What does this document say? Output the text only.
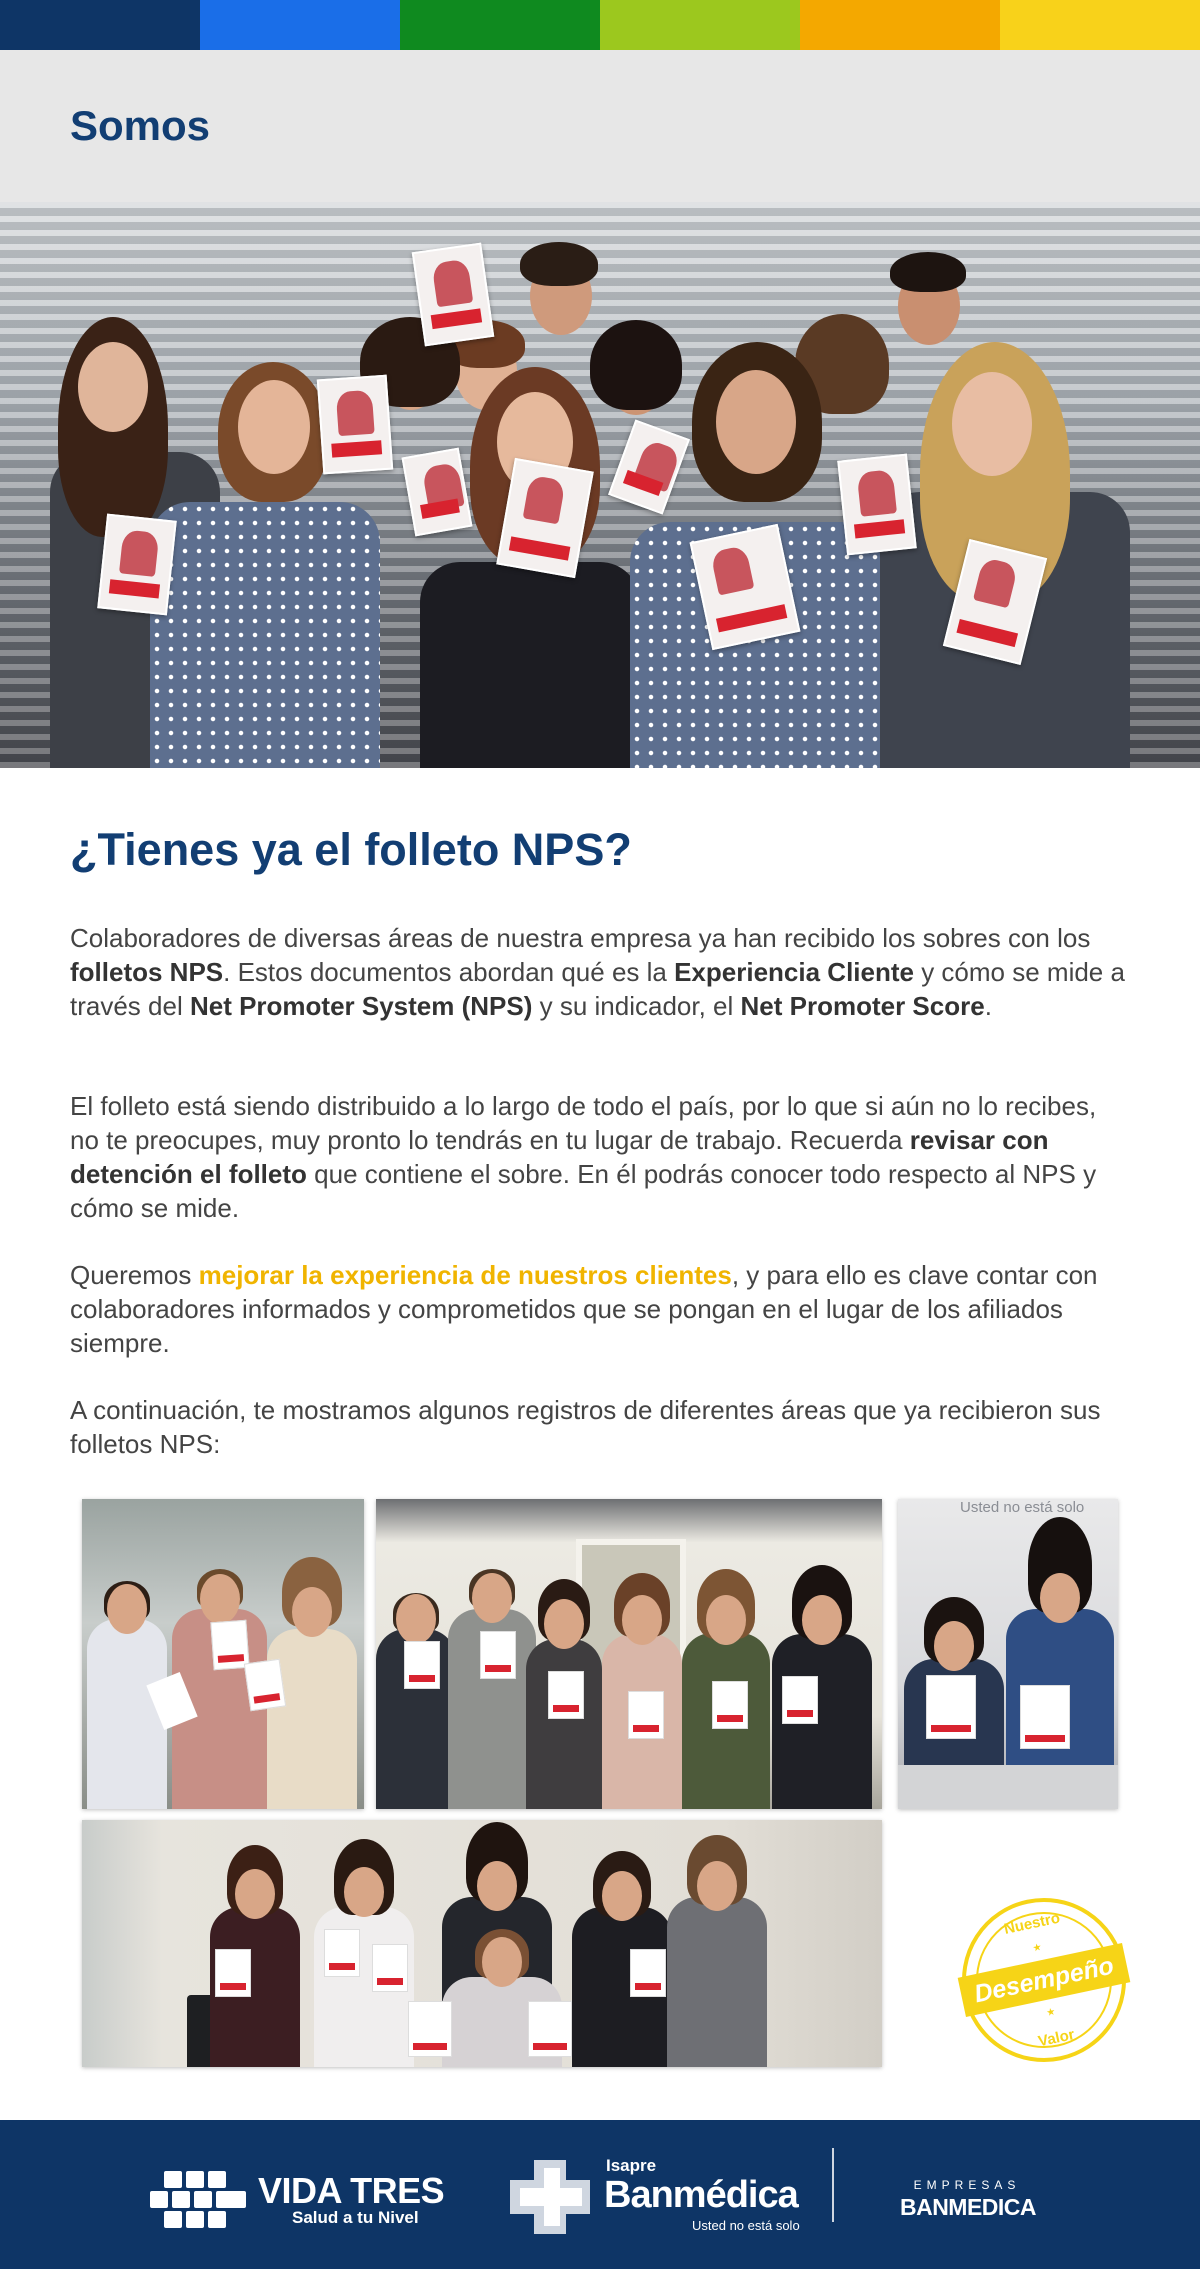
Somos
¿Tienes ya el folleto NPS?

Colaboradores de diversas áreas de nuestra empresa ya han recibido los sobres con los folletos NPS. Estos documentos abordan qué es la Experiencia Cliente y cómo se mide a través del Net Promoter System (NPS) y su indicador, el Net Promoter Score.

El folleto está siendo distribuido a lo largo de todo el país, por lo que si aún no lo recibes, no te preocupes, muy pronto lo tendrás en tu lugar de trabajo. Recuerda revisar con detención el folleto que contiene el sobre. En él podrás conocer todo respecto al NPS y cómo se mide.

Queremos mejorar la experiencia de nuestros clientes, y para ello es clave contar con colaboradores informados y comprometidos que se pongan en el lugar de los afiliados siempre.

A continuación, te mostramos algunos registros de diferentes áreas que ya recibieron sus folletos NPS:

Usted no está solo
Nuestro
★
Desempeño
★
Valor
VIDA TRES
Salud a tu Nivel
Isapre
Banmédica
Usted no está solo
EMPRESAS
BANMEDICA
